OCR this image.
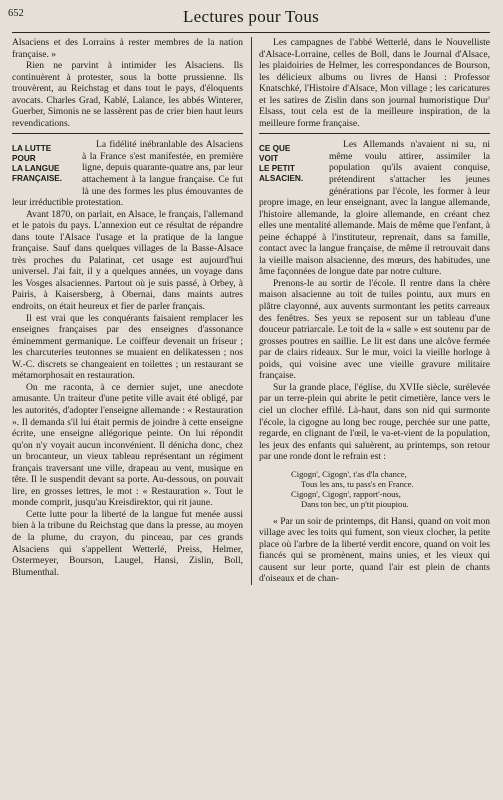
652	Lectures pour Tous

Alsaciens et des Lorrains à rester membres de la nation française. »

Rien ne parvint à intimider les Alsaciens. Ils continuèrent à protester, sous la botte prussienne. Ils trouvèrent, au Reichstag et dans tout le pays, d'éloquents avocats. Charles Grad, Kablé, Lalance, les abbés Winterer, Guerber, Simonis ne se lassèrent pas de crier bien haut leurs revendications.

LA LUTTE
POUR
LA LANGUE
FRANÇAISE.

La fidélité inébranlable des Alsaciens à la France s'est manifestée, en première ligne, depuis quarante-quatre ans, par leur attachement à la langue française. Ce fut là une des formes les plus émouvantes de leur irréductible protestation.

Avant 1870, on parlait, en Alsace, le français, l'allemand et le patois du pays. L'annexion eut ce résultat de répandre dans toute l'Alsace l'usage et la pratique de la langue française. Sauf dans quelques villages de la Basse-Alsace très proches du Palatinat, cet usage est aujourd'hui universel. J'ai fait, il y a quelques années, un voyage dans les Vosges alsaciennes. Partout où je suis passé, à Orbey, à Pairis, à Kaisersberg, à Obernai, dans maints autres endroits, on était heureux et fier de parler français.

Il est vrai que les conquérants faisaient remplacer les enseignes françaises par des enseignes d'assonance éminemment germanique. Le coiffeur devenait un friseur ; les charcuteries teutonnes se muaient en delikatessen ; nos W.-C. discrets se changeaient en toilettes ; un restaurant se métamorphosait en restauration.

On me raconta, à ce dernier sujet, une anecdote amusante. Un traiteur d'une petite ville avait été obligé, par les autorités, d'adopter l'enseigne allemande : « Restauration ». Il demanda s'il lui était permis de joindre à cette enseigne écrite, une enseigne allégorique peinte. On lui répondit qu'on n'y voyait aucun inconvénient. Il dénicha donc, chez un brocanteur, un vieux tableau représentant un régiment français traversant une ville, drapeau au vent, musique en tête. Il le suspendit devant sa porte. Au-dessous, on pouvait lire, en grosses lettres, le mot : « Restauration ». Tout le monde comprit, jusqu'au Kreisdirektor, qui rit jaune.

Cette lutte pour la liberté de la langue fut menée aussi bien à la tribune du Reichstag que dans la presse, au moyen de la plume, du crayon, du pinceau, par ces grands Alsaciens qui s'appellent Wetterlé, Preiss, Helmer, Ostermeyer, Bourson, Laugel, Hansi, Zislin, Boll, Blumenthal.

Les campagnes de l'abbé Wetterlé, dans le Nouvelliste d'Alsace-Lorraine, celles de Boll, dans le Journal d'Alsace, les plaidoiries de Helmer, les correspondances de Bourson, les délicieux albums ou livres de Hansi : Professor Knatschké, l'Histoire d'Alsace, Mon village ; les caricatures et les satires de Zislin dans son journal humoristique Dur' Elsass, tout cela est de la meilleure inspiration, de la meilleure forme française.

CE QUE
VOIT
LE PETIT
ALSACIEN.

Les Allemands n'avaient ni su, ni même voulu attirer, assimiler la population qu'ils avaient conquise, prétendirent s'attacher les jeunes générations par l'école, les former à leur propre image, en leur enseignant, avec la langue allemande, l'histoire allemande, la gloire allemande, en créant chez elles une mentalité allemande. Mais de même que l'enfant, à peine échappé à l'instituteur, reprenait, dans sa famille, contact avec la langue française, de même il retrouvait dans la vieille maison alsacienne, des mœurs, des habitudes, une âme façonnées de longue date par notre culture.

Prenons-le au sortir de l'école. Il rentre dans la chère maison alsacienne au toit de tuiles pointu, aux murs en plâtre clayonné, aux auvents surmontant les petits carreaux des fenêtres. Ses yeux se reposent sur un tableau d'une douceur patriarcale. Le toit de la « salle » est soutenu par de grosses poutres en saillie. Le lit est dans une alcôve fermée par de clairs rideaux. Sur le mur, voici la vieille horloge à poids, qui voisine avec une vieille gravure militaire française.

Sur la grande place, l'église, du XVIIe siècle, surélevée par un terre-plein qui abrite le petit cimetière, lance vers le ciel un clocher effilé. Là-haut, dans son nid qui surmonte l'école, la cigogne au long bec rouge, perchée sur une patte, regarde, en clignant de l'œil, le va-et-vient de la population, les jeux des enfants qui saluèrent, au printemps, son retour par une ronde dont le refrain est :

Cigogn', Cigogn', t'as d'la chance,
Tous les ans, tu pass's en France.
Cigogn', Cigogn', rapport'-nous,
Dans ton bec, un p'tit pioupiou.

« Par un soir de printemps, dit Hansi, quand on voit mon village avec les toits qui fument, son vieux clocher, la petite place où l'arbre de la liberté verdit encore, quand on voit les fiancés qui se promènent, mains unies, et les vieux qui causent sur leur porte, quand l'air est plein de chants d'oiseaux et de chan-
